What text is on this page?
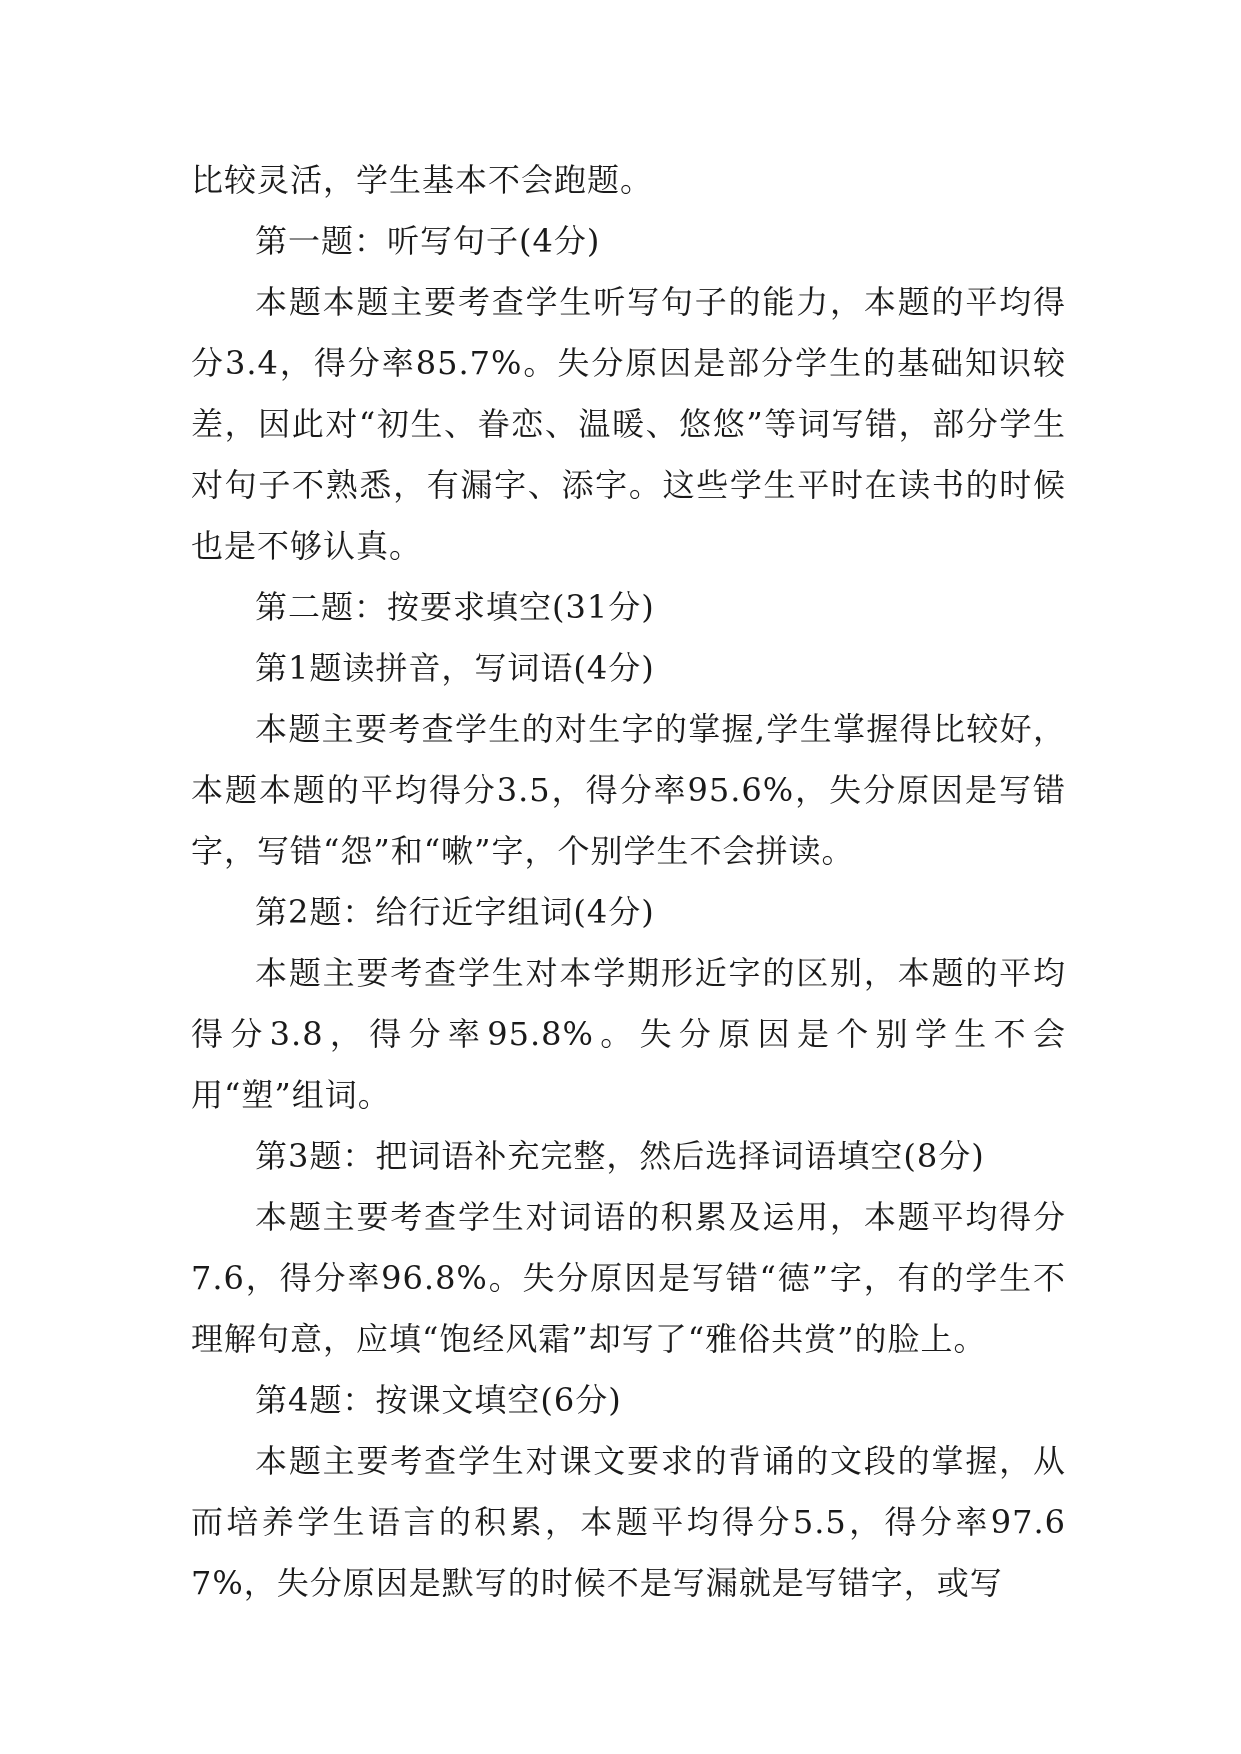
比较灵活，学生基本不会跑题。

第一题：听写句子(4分)

本题本题主要考查学生听写句子的能力，本题的平均得分3.4，得分率85.7%。失分原因是部分学生的基础知识较差，因此对“初生、眷恋、温暖、悠悠”等词写错，部分学生对句子不熟悉，有漏字、添字。这些学生平时在读书的时候也是不够认真。

第二题：按要求填空(31分)

第1题读拼音，写词语(4分)

本题主要考查学生的对生字的掌握,学生掌握得比较好，本题本题的平均得分3.5，得分率95.6%，失分原因是写错字，写错“怨”和“嗽”字，个别学生不会拼读。

第2题：给行近字组词(4分)

本题主要考查学生对本学期形近字的区别，本题的平均得分3.8，得分率95.8%。失分原因是个别学生不会用“塑”组词。

第3题：把词语补充完整，然后选择词语填空(8分)

本题主要考查学生对词语的积累及运用，本题平均得分7.6，得分率96.8%。失分原因是写错“德”字，有的学生不理解句意，应填“饱经风霜”却写了“雅俗共赏”的脸上。

第4题：按课文填空(6分)

本题主要考查学生对课文要求的背诵的文段的掌握，从而培养学生语言的积累，本题平均得分5.5，得分率97.67%，失分原因是默写的时候不是写漏就是写错字，或写
